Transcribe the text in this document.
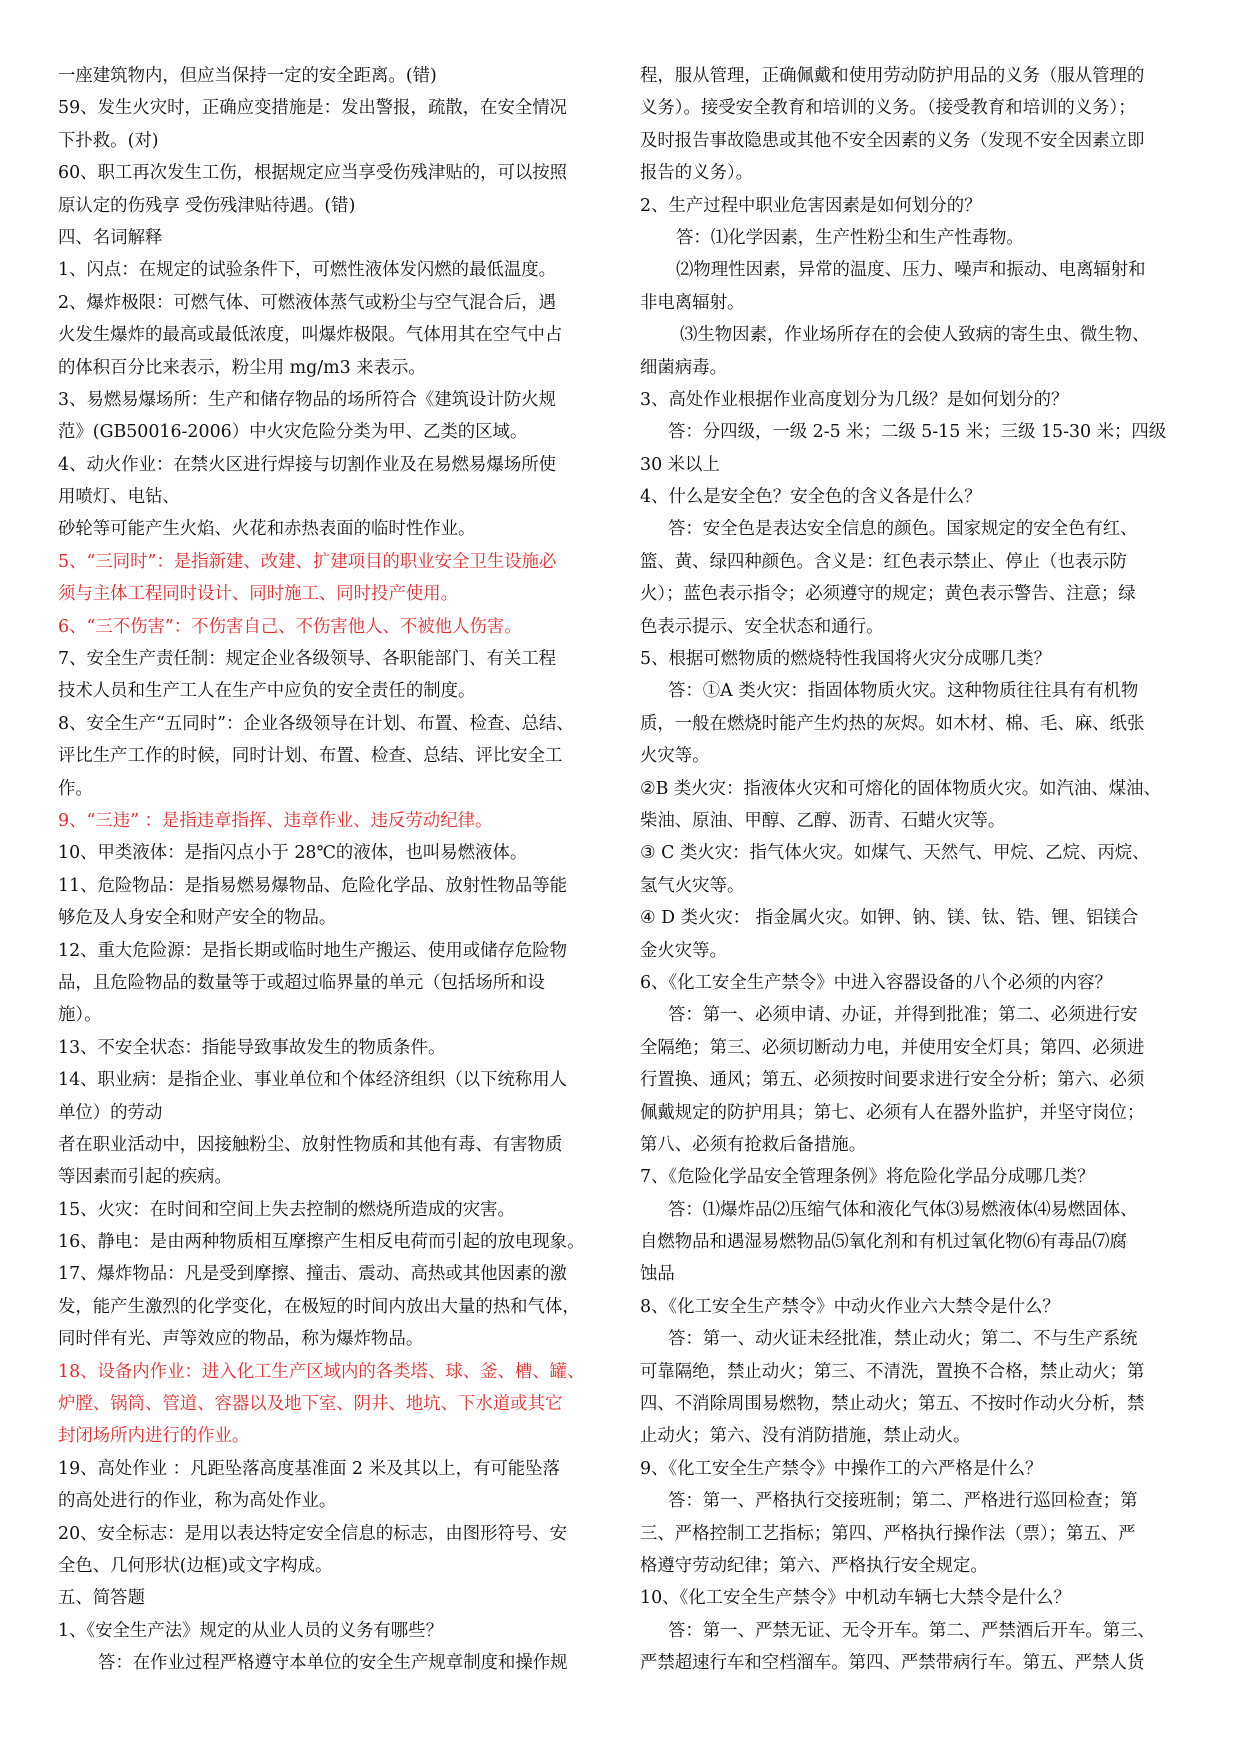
一座建筑物内，但应当保持一定的安全距离。(错)
59、发生火灾时，正确应变措施是：发出警报，疏散，在安全情况
下扑救。(对)
60、职工再次发生工伤，根据规定应当享受伤残津贴的，可以按照
原认定的伤残享 受伤残津贴待遇。(错)
四、名词解释
1、闪点：在规定的试验条件下，可燃性液体发闪燃的最低温度。
2、爆炸极限：可燃气体、可燃液体蒸气或粉尘与空气混合后，遇
火发生爆炸的最高或最低浓度，叫爆炸极限。气体用其在空气中占
的体积百分比来表示，粉尘用 mg/m3 来表示。
3、易燃易爆场所：生产和储存物品的场所符合《建筑设计防火规
范》(GB50016-2006）中火灾危险分类为甲、乙类的区域。
4、动火作业：在禁火区进行焊接与切割作业及在易燃易爆场所使
用喷灯、电钻、
砂轮等可能产生火焰、火花和赤热表面的临时性作业。
5、“三同时”：是指新建、改建、扩建项目的职业安全卫生设施必
须与主体工程同时设计、同时施工、同时投产使用。
6、“三不伤害”：不伤害自己、不伤害他人、不被他人伤害。
7、安全生产责任制：规定企业各级领导、各职能部门、有关工程
技术人员和生产工人在生产中应负的安全责任的制度。
8、安全生产“五同时”：企业各级领导在计划、布置、检查、总结、
评比生产工作的时候，同时计划、布置、检查、总结、评比安全工
作。
9、“三违” ：是指违章指挥、违章作业、违反劳动纪律。
10、甲类液体：是指闪点小于 28℃的液体，也叫易燃液体。
11、危险物品：是指易燃易爆物品、危险化学品、放射性物品等能
够危及人身安全和财产安全的物品。
12、重大危险源：是指长期或临时地生产搬运、使用或储存危险物
品，且危险物品的数量等于或超过临界量的单元（包括场所和设
施）。
13、不安全状态：指能导致事故发生的物质条件。
14、职业病：是指企业、事业单位和个体经济组织（以下统称用人
单位）的劳动
者在职业活动中，因接触粉尘、放射性物质和其他有毒、有害物质
等因素而引起的疾病。
15、火灾：在时间和空间上失去控制的燃烧所造成的灾害。
16、静电：是由两种物质相互摩擦产生相反电荷而引起的放电现象。
17、爆炸物品：凡是受到摩擦、撞击、震动、高热或其他因素的激
发，能产生激烈的化学变化，在极短的时间内放出大量的热和气体，
同时伴有光、声等效应的物品，称为爆炸物品。
18、设备内作业：进入化工生产区域内的各类塔、球、釜、槽、罐、
炉膛、锅筒、管道、容器以及地下室、阴井、地坑、下水道或其它
封闭场所内进行的作业。
19、高处作业 ：凡距坠落高度基准面 2 米及其以上，有可能坠落
的高处进行的作业，称为高处作业。
20、安全标志：是用以表达特定安全信息的标志，由图形符号、安
全色、几何形状(边框)或文字构成。
五、简答题
1、《安全生产法》规定的从业人员的义务有哪些？
答：在作业过程严格遵守本单位的安全生产规章制度和操作规
程，服从管理，正确佩戴和使用劳动防护用品的义务（服从管理的
义务）。接受安全教育和培训的义务。（接受教育和培训的义务）；
及时报告事故隐患或其他不安全因素的义务（发现不安全因素立即
报告的义务）。
2、生产过程中职业危害因素是如何划分的？
答：⑴化学因素，生产性粉尘和生产性毒物。
⑵物理性因素，异常的温度、压力、噪声和振动、电离辐射和
非电离辐射。
⑶生物因素，作业场所存在的会使人致病的寄生虫、微生物、
细菌病毒。
3、高处作业根据作业高度划分为几级？是如何划分的？
答：分四级，一级 2-5 米；二级 5-15 米；三级 15-30 米；四级
30 米以上
4、什么是安全色？安全色的含义各是什么？
答：安全色是表达安全信息的颜色。国家规定的安全色有红、
篮、黄、绿四种颜色。含义是：红色表示禁止、停止（也表示防
火）；蓝色表示指令；必须遵守的规定；黄色表示警告、注意；绿
色表示提示、安全状态和通行。
5、根据可燃物质的燃烧特性我国将火灾分成哪几类？
答：①A 类火灾：指固体物质火灾。这种物质往往具有有机物
质，一般在燃烧时能产生灼热的灰烬。如木材、棉、毛、麻、纸张
火灾等。
②B 类火灾：指液体火灾和可熔化的固体物质火灾。如汽油、煤油、
柴油、原油、甲醇、乙醇、沥青、石蜡火灾等。
③ C 类火灾：指气体火灾。如煤气、天然气、甲烷、乙烷、丙烷、
氢气火灾等。
④ D 类火灾： 指金属火灾。如钾、钠、镁、钛、锆、锂、铝镁合
金火灾等。
6、《化工安全生产禁令》中进入容器设备的八个必须的内容？
答：第一、必须申请、办证，并得到批准；第二、必须进行安
全隔绝；第三、必须切断动力电，并使用安全灯具；第四、必须进
行置换、通风；第五、必须按时间要求进行安全分析；第六、必须
佩戴规定的防护用具；第七、必须有人在器外监护，并坚守岗位；
第八、必须有抢救后备措施。
7、《危险化学品安全管理条例》将危险化学品分成哪几类？
答：⑴爆炸品⑵压缩气体和液化气体⑶易燃液体⑷易燃固体、
自燃物品和遇湿易燃物品⑸氧化剂和有机过氧化物⑹有毒品⑺腐
蚀品
8、《化工安全生产禁令》中动火作业六大禁令是什么？
答：第一、动火证未经批准，禁止动火；第二、不与生产系统
可靠隔绝，禁止动火；第三、不清洗，置换不合格，禁止动火；第
四、不消除周围易燃物，禁止动火；第五、不按时作动火分析，禁
止动火；第六、没有消防措施，禁止动火。
9、《化工安全生产禁令》中操作工的六严格是什么？
答：第一、严格执行交接班制；第二、严格进行巡回检查；第
三、严格控制工艺指标；第四、严格执行操作法（票）；第五、严
格遵守劳动纪律；第六、严格执行安全规定。
10、《化工安全生产禁令》中机动车辆七大禁令是什么？
答：第一、严禁无证、无令开车。第二、严禁酒后开车。第三、
严禁超速行车和空档溜车。第四、严禁带病行车。第五、严禁人货
